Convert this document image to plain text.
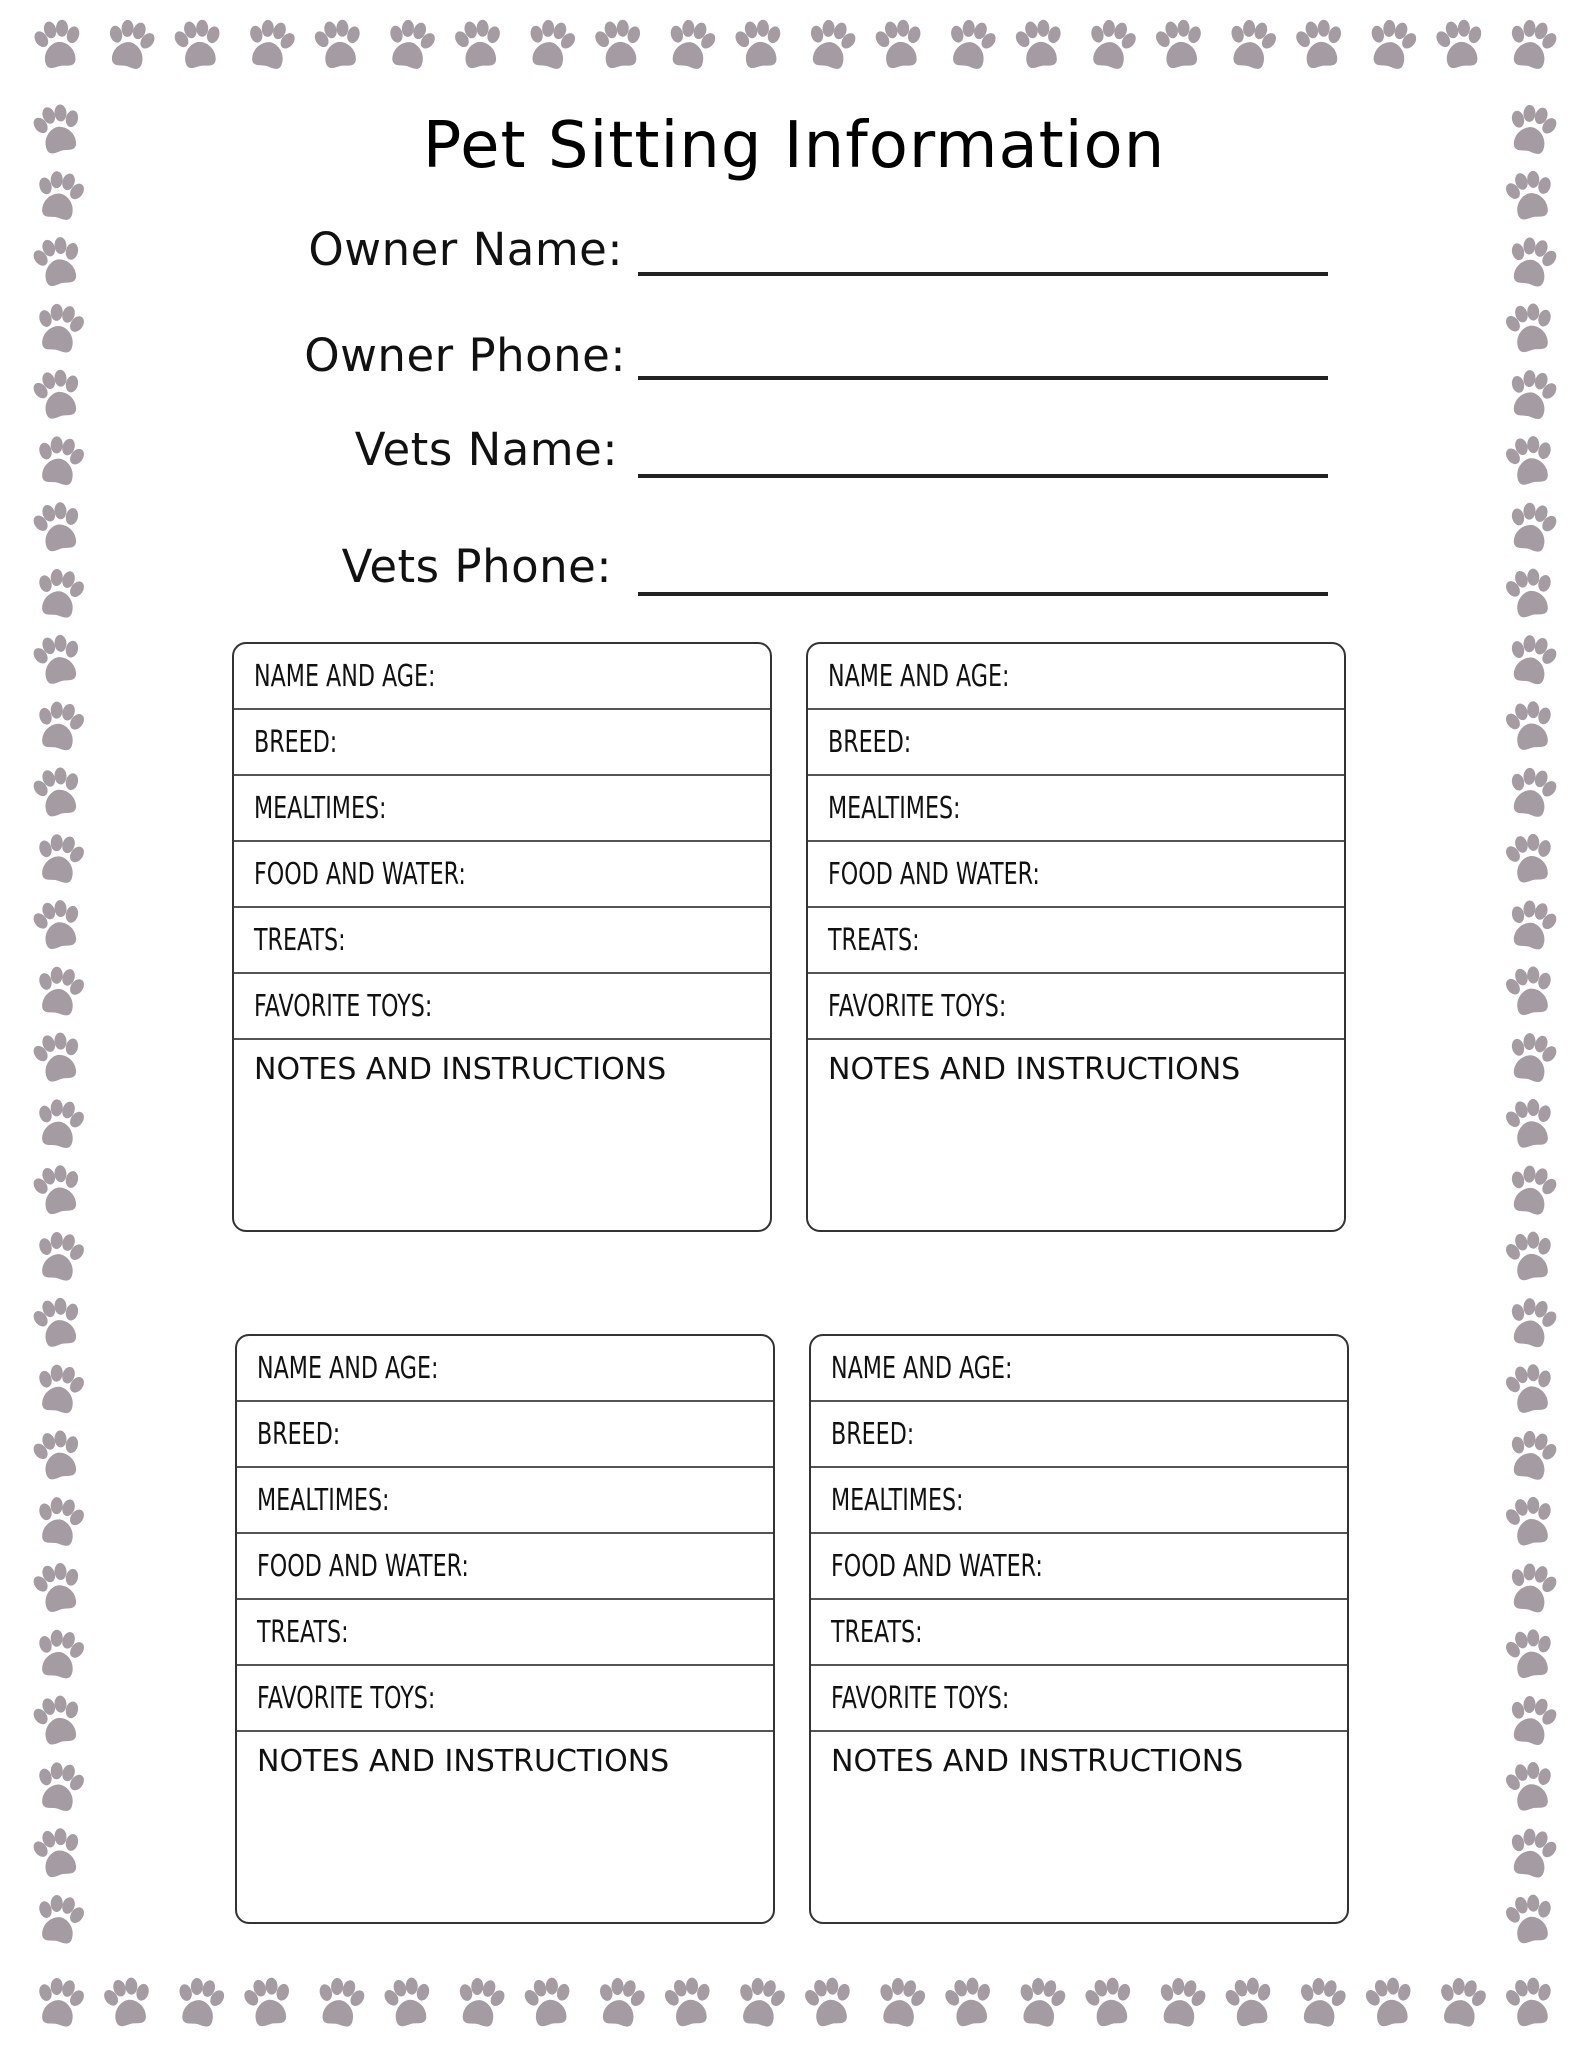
Pet Sitting Information
Owner Name:
Owner Phone:
Vets Name:
Vets Phone:
NAME AND AGE:
BREED:
MEALTIMES:
FOOD AND WATER:
TREATS:
FAVORITE TOYS:
NOTES AND INSTRUCTIONS
NAME AND AGE:
BREED:
MEALTIMES:
FOOD AND WATER:
TREATS:
FAVORITE TOYS:
NOTES AND INSTRUCTIONS
NAME AND AGE:
BREED:
MEALTIMES:
FOOD AND WATER:
TREATS:
FAVORITE TOYS:
NOTES AND INSTRUCTIONS
NAME AND AGE:
BREED:
MEALTIMES:
FOOD AND WATER:
TREATS:
FAVORITE TOYS:
NOTES AND INSTRUCTIONS
